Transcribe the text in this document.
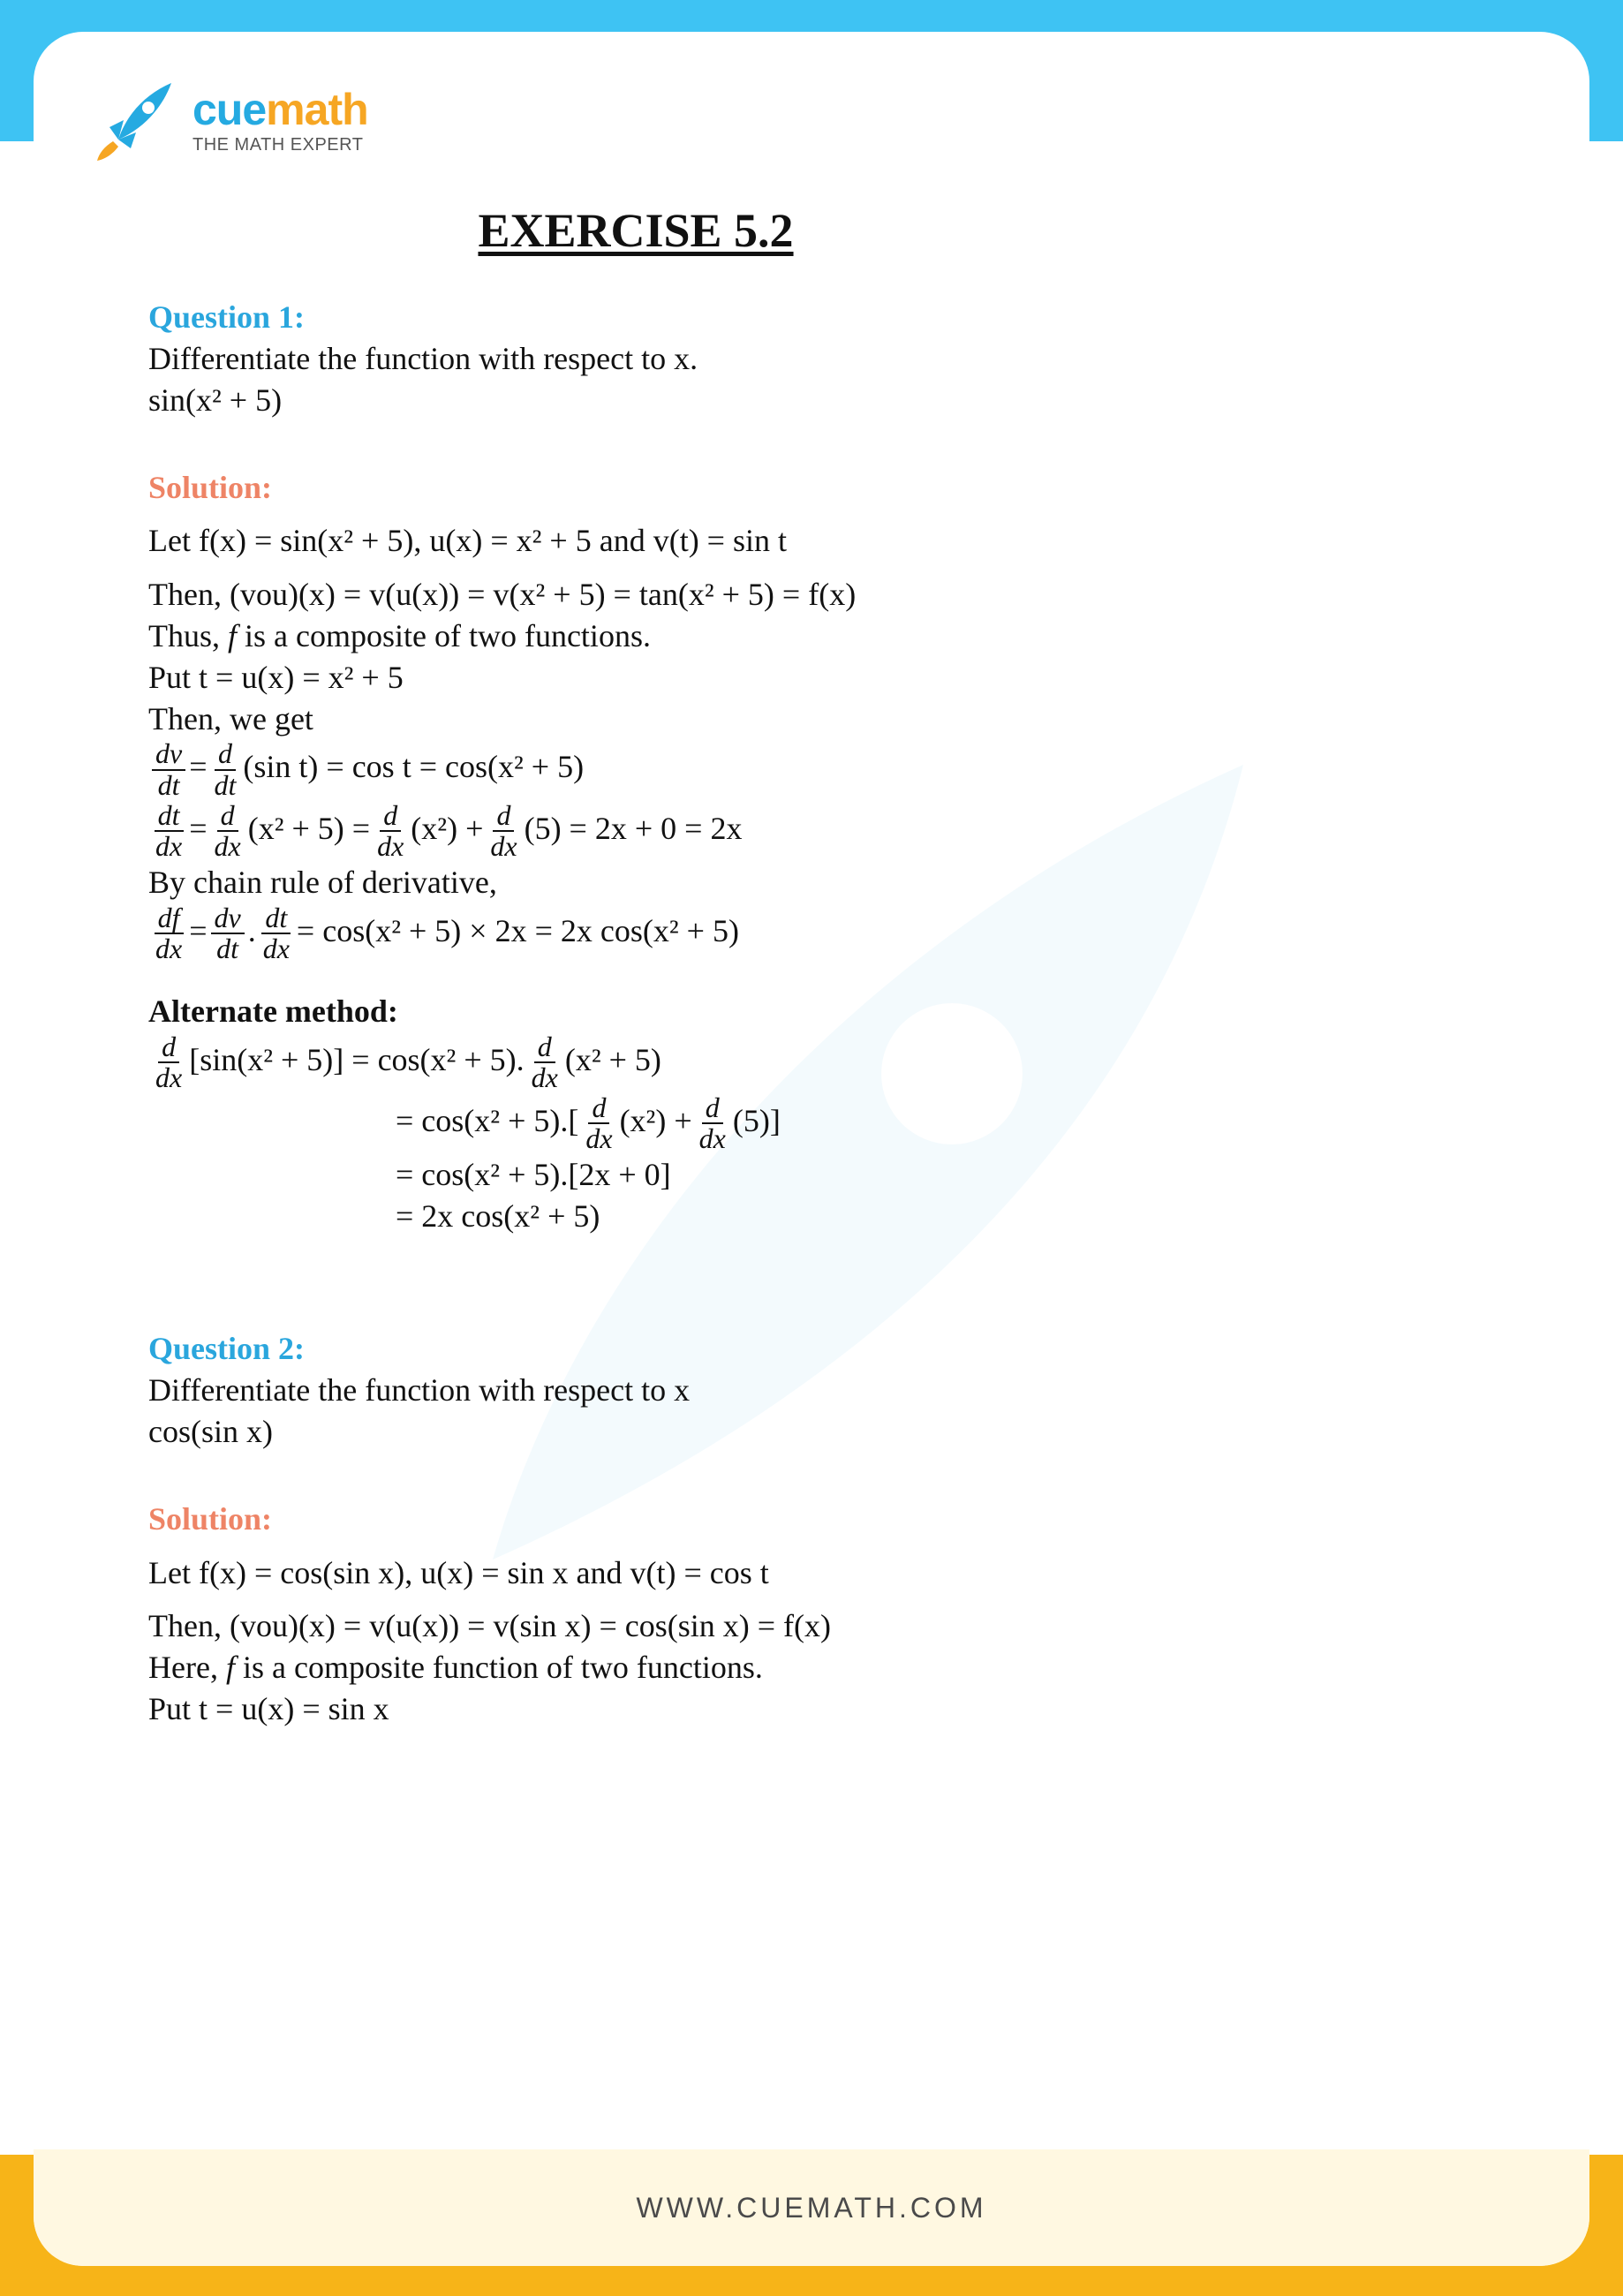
cuemath
THE MATH EXPERT
EXERCISE 5.2
Question 1:
Differentiate the function with respect to x.
sin(x² + 5)
Solution:
Let f(x) = sin(x² + 5), u(x) = x² + 5 and v(t) = sin t
Then, (vou)(x) = v(u(x)) = v(x² + 5) = tan(x² + 5) = f(x)
Thus, f is a composite of two functions.
Put t = u(x) = x² + 5
Then, we get
$\frac{dv}{dt} = \frac{d}{dt} (\sin$ t) = cos t = cos(x² + 5)
$\frac{dt}{dx} = \frac{d}{dx} (x^2 + 5) = \frac{d}{dx} (x^2) + \frac{d}{dx} (5) = 2x + 0 = 2x$
By chain rule of derivative,
$\frac{df}{dx} = \frac{dv}{dt}$ . $\frac{dt}{dx} = \cos(x^2 + 5) \times 2x = 2x$ cos(x² + 5)
Alternate method:
$\frac{d}{dx} [\sin(x^2 + 5)] = \cos(x^2 + 5)$. $\frac{d}{dx} (x^2 + 5)$
= $\cos(x^2 + 5).[ \frac{d}{dx} (x^2) + \frac{d}{dx} (5)]$
= cos(x² + 5).[2x + 0]
= 2x cos(x² + 5)
Question 2:
Differentiate the function with respect to x
cos(sin x)
Solution:
Let f(x) = cos(sin x), u(x) = sin x and v(t) = cos t
Then, (vou)(x) = v(u(x)) = v(sin x) = cos(sin x) = f(x)
Here, f is a composite function of two functions.
Put t = u(x) = sin x
WWW.CUEMATH.COM
